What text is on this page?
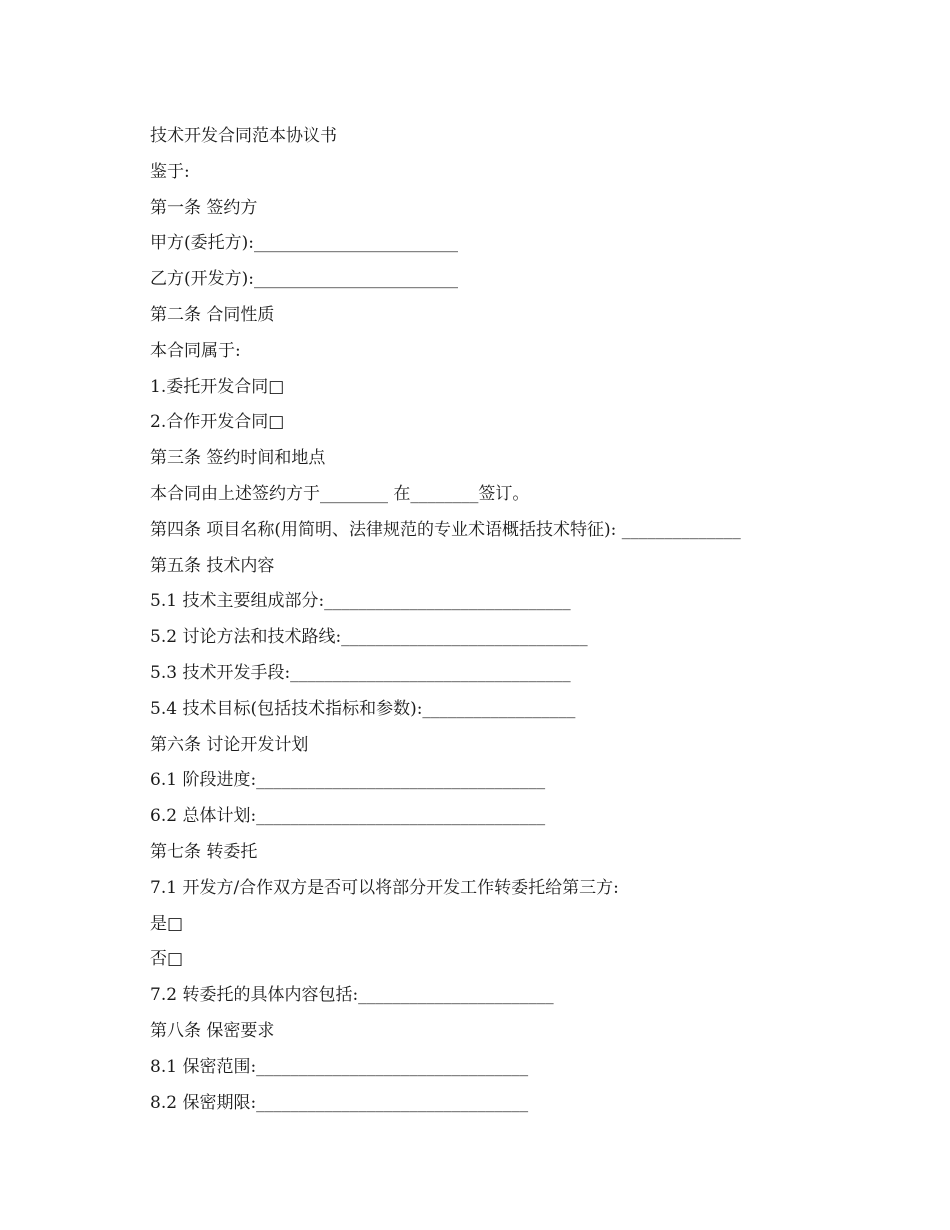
技术开发合同范本协议书
鉴于:
第一条 签约方
甲方(委托方):________________________
乙方(开发方):________________________
第二条 合同性质
本合同属于:
1.委托开发合同□
2.合作开发合同□
第三条 签约时间和地点
本合同由上述签约方于________ 在________签订。
第四条 项目名称(用简明、法律规范的专业术语概括技术特征): ______________
第五条 技术内容
5.1 技术主要组成部分:_____________________________
5.2 讨论方法和技术路线:_____________________________
5.3 技术开发手段:_________________________________
5.4 技术目标(包括技术指标和参数):__________________
第六条 讨论开发计划
6.1 阶段进度:__________________________________
6.2 总体计划:__________________________________
第七条 转委托
7.1 开发方/合作双方是否可以将部分开发工作转委托给第三方:
是□
否□
7.2 转委托的具体内容包括:_______________________
第八条 保密要求
8.1 保密范围:________________________________
8.2 保密期限:________________________________
